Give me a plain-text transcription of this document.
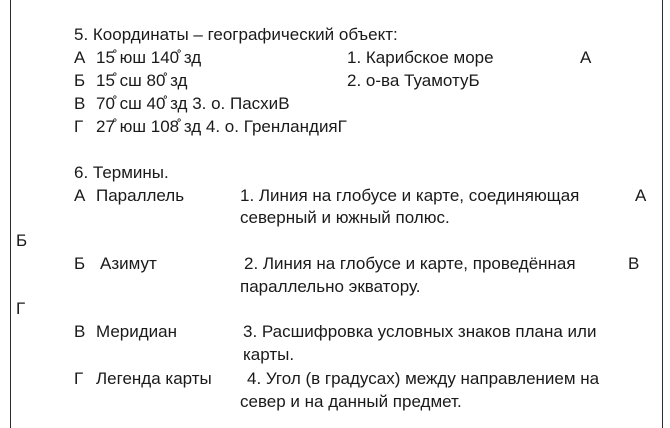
5. Координаты – географический объект:
А 15̊ юш 140̊ зд	1. Карибское море	А
Б 15̊ сш 80̊ зд	2. о-ва ТуамотуБ
В 70̊ сш 40̊ зд 3. о. ПасхиВ
Г 27̊ юш 108̊ зд 4. о. ГренландияГ
6. Термины.
А Параллель	1. Линия на глобусе и карте, соединяющая	А
северный и южный полюс.
Б
Б Азимут	2. Линия на глобусе и карте, проведённая	В
параллельно экватору.
Г
В Меридиан	3. Расшифровка условных знаков плана или
карты.
Г Легенда карты 4. Угол (в градусах) между направлением на
север и на данный предмет.
